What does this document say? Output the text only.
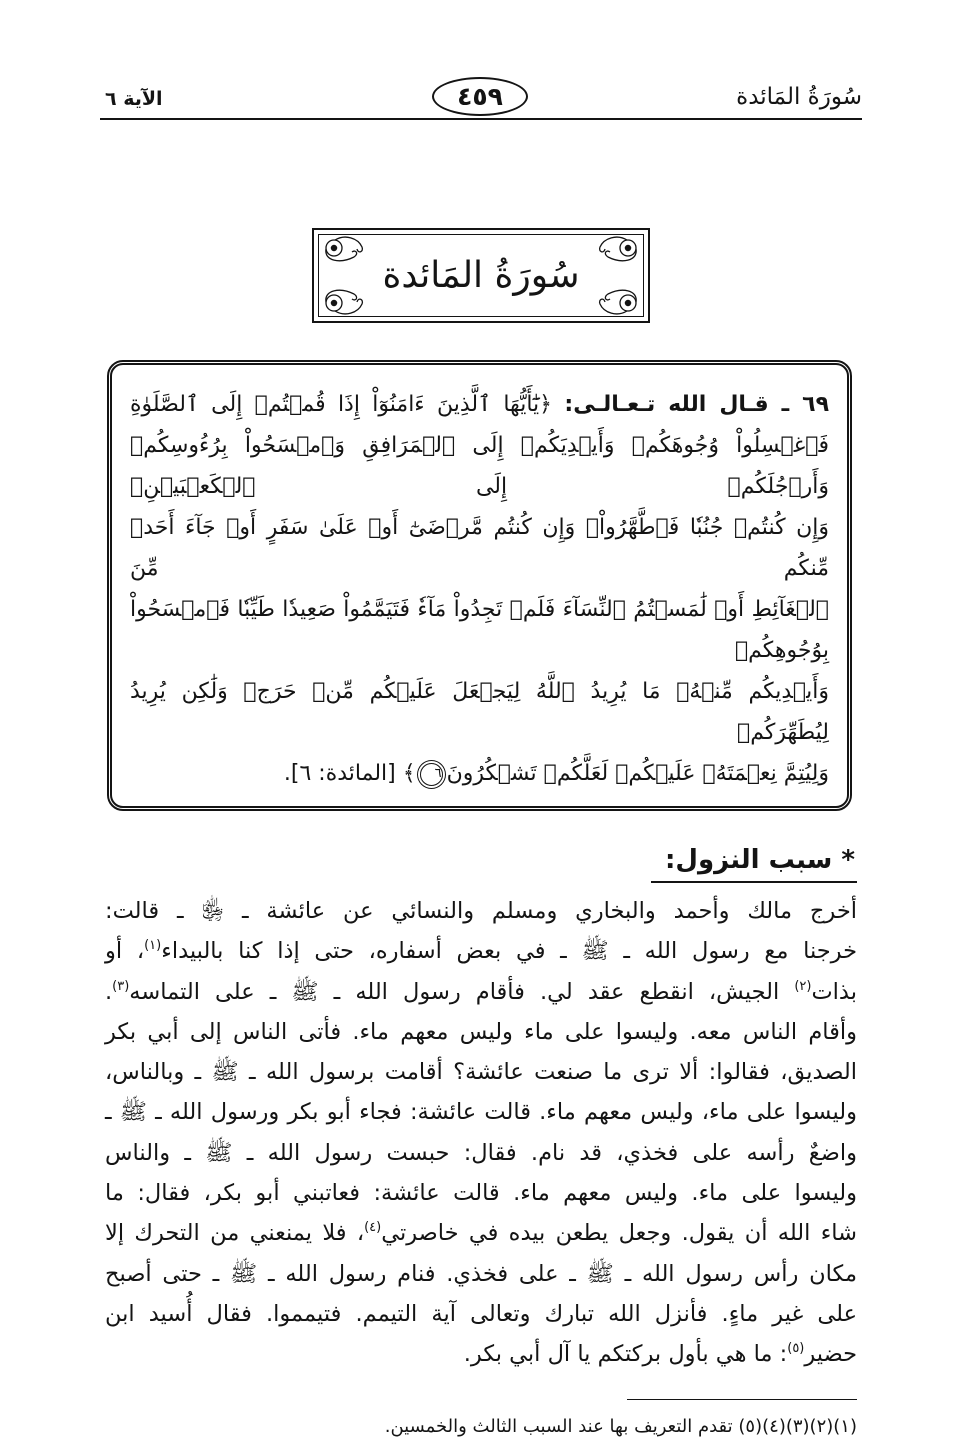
سُورَةُ المَائدة
٤٥٩
الآية ٦
سُورَةُ المَائدة
٦٩ ـ قـال الله تـعـالـى: ﴿يَٰٓأَيُّهَا ٱلَّذِينَ ءَامَنُوٓاْ إِذَا قُمۡتُمۡ إِلَى ٱلصَّلَوٰةِ
فَٱغۡسِلُواْ وُجُوهَكُمۡ وَأَيۡدِيَكُمۡ إِلَى ٱلۡمَرَافِقِ وَٱمۡسَحُواْ بِرُءُوسِكُمۡ وَأَرۡجُلَكُمۡ إِلَى ٱلۡكَعۡبَيۡنِۚ
وَإِن كُنتُمۡ جُنُبٗا فَٱطَّهَّرُواْۚ وَإِن كُنتُم مَّرۡضَىٰٓ أَوۡ عَلَىٰ سَفَرٍ أَوۡ جَآءَ أَحَدٞ مِّنكُم مِّنَ
ٱلۡغَآئِطِ أَوۡ لَٰمَسۡتُمُ ٱلنِّسَآءَ فَلَمۡ تَجِدُواْ مَآءٗ فَتَيَمَّمُواْ صَعِيدٗا طَيِّبٗا فَٱمۡسَحُواْ بِوُجُوهِكُمۡ
وَأَيۡدِيكُم مِّنۡهُۚ مَا يُرِيدُ ٱللَّهُ لِيَجۡعَلَ عَلَيۡكُم مِّنۡ حَرَجٖ وَلَٰكِن يُرِيدُ لِيُطَهِّرَكُمۡ
وَلِيُتِمَّ نِعۡمَتَهُۥ عَلَيۡكُمۡ لَعَلَّكُمۡ تَشۡكُرُونَ٦﴾ [المائدة: ٦].
* سبب النزول:
أخرج مالك وأحمد والبخاري ومسلم والنسائي عن عائشة ـ ﵂ ـ قالت:
خرجنا مع رسول الله ـ ﷺ ـ في بعض أسفاره، حتى إذا كنا بالبيداء$^{(١)}$، أو
بذات$^{(٢)}$ الجيش، انقطع عقد لي. فأقام رسول الله ـ ﷺ ـ على التماسه$^{(٣)}$.
وأقام الناس معه. وليسوا على ماء وليس معهم ماء. فأتى الناس إلى أبي بكر
الصديق، فقالوا: ألا ترى ما صنعت عائشة؟ أقامت برسول الله ـ ﷺ ـ وبالناس،
وليسوا على ماء، وليس معهم ماء. قالت عائشة: فجاء أبو بكر ورسول الله ـ ﷺ ـ
واضعٌ رأسه على فخذي، قد نام. فقال: حبست رسول الله ـ ﷺ ـ والناس
وليسوا على ماء. وليس معهم ماء. قالت عائشة: فعاتبني أبو بكر، فقال: ما
شاء الله أن يقول. وجعل يطعن بيده في خاصرتي$^{(٤)}$، فلا يمنعني من التحرك إلا
مكان رأس رسول الله ـ ﷺ ـ على فخذي. فنام رسول الله ـ ﷺ ـ حتى أصبح
على غير ماءٍ. فأنزل الله تبارك وتعالى آية التيمم. فتيمموا. فقال أُسيد ابن
حضير$^{(٥)}$: ما هي بأول بركتكم يا آل أبي بكر.
(١)(٢)(٣)(٤)(٥) تقدم التعريف بها عند السبب الثالث والخمسين.
